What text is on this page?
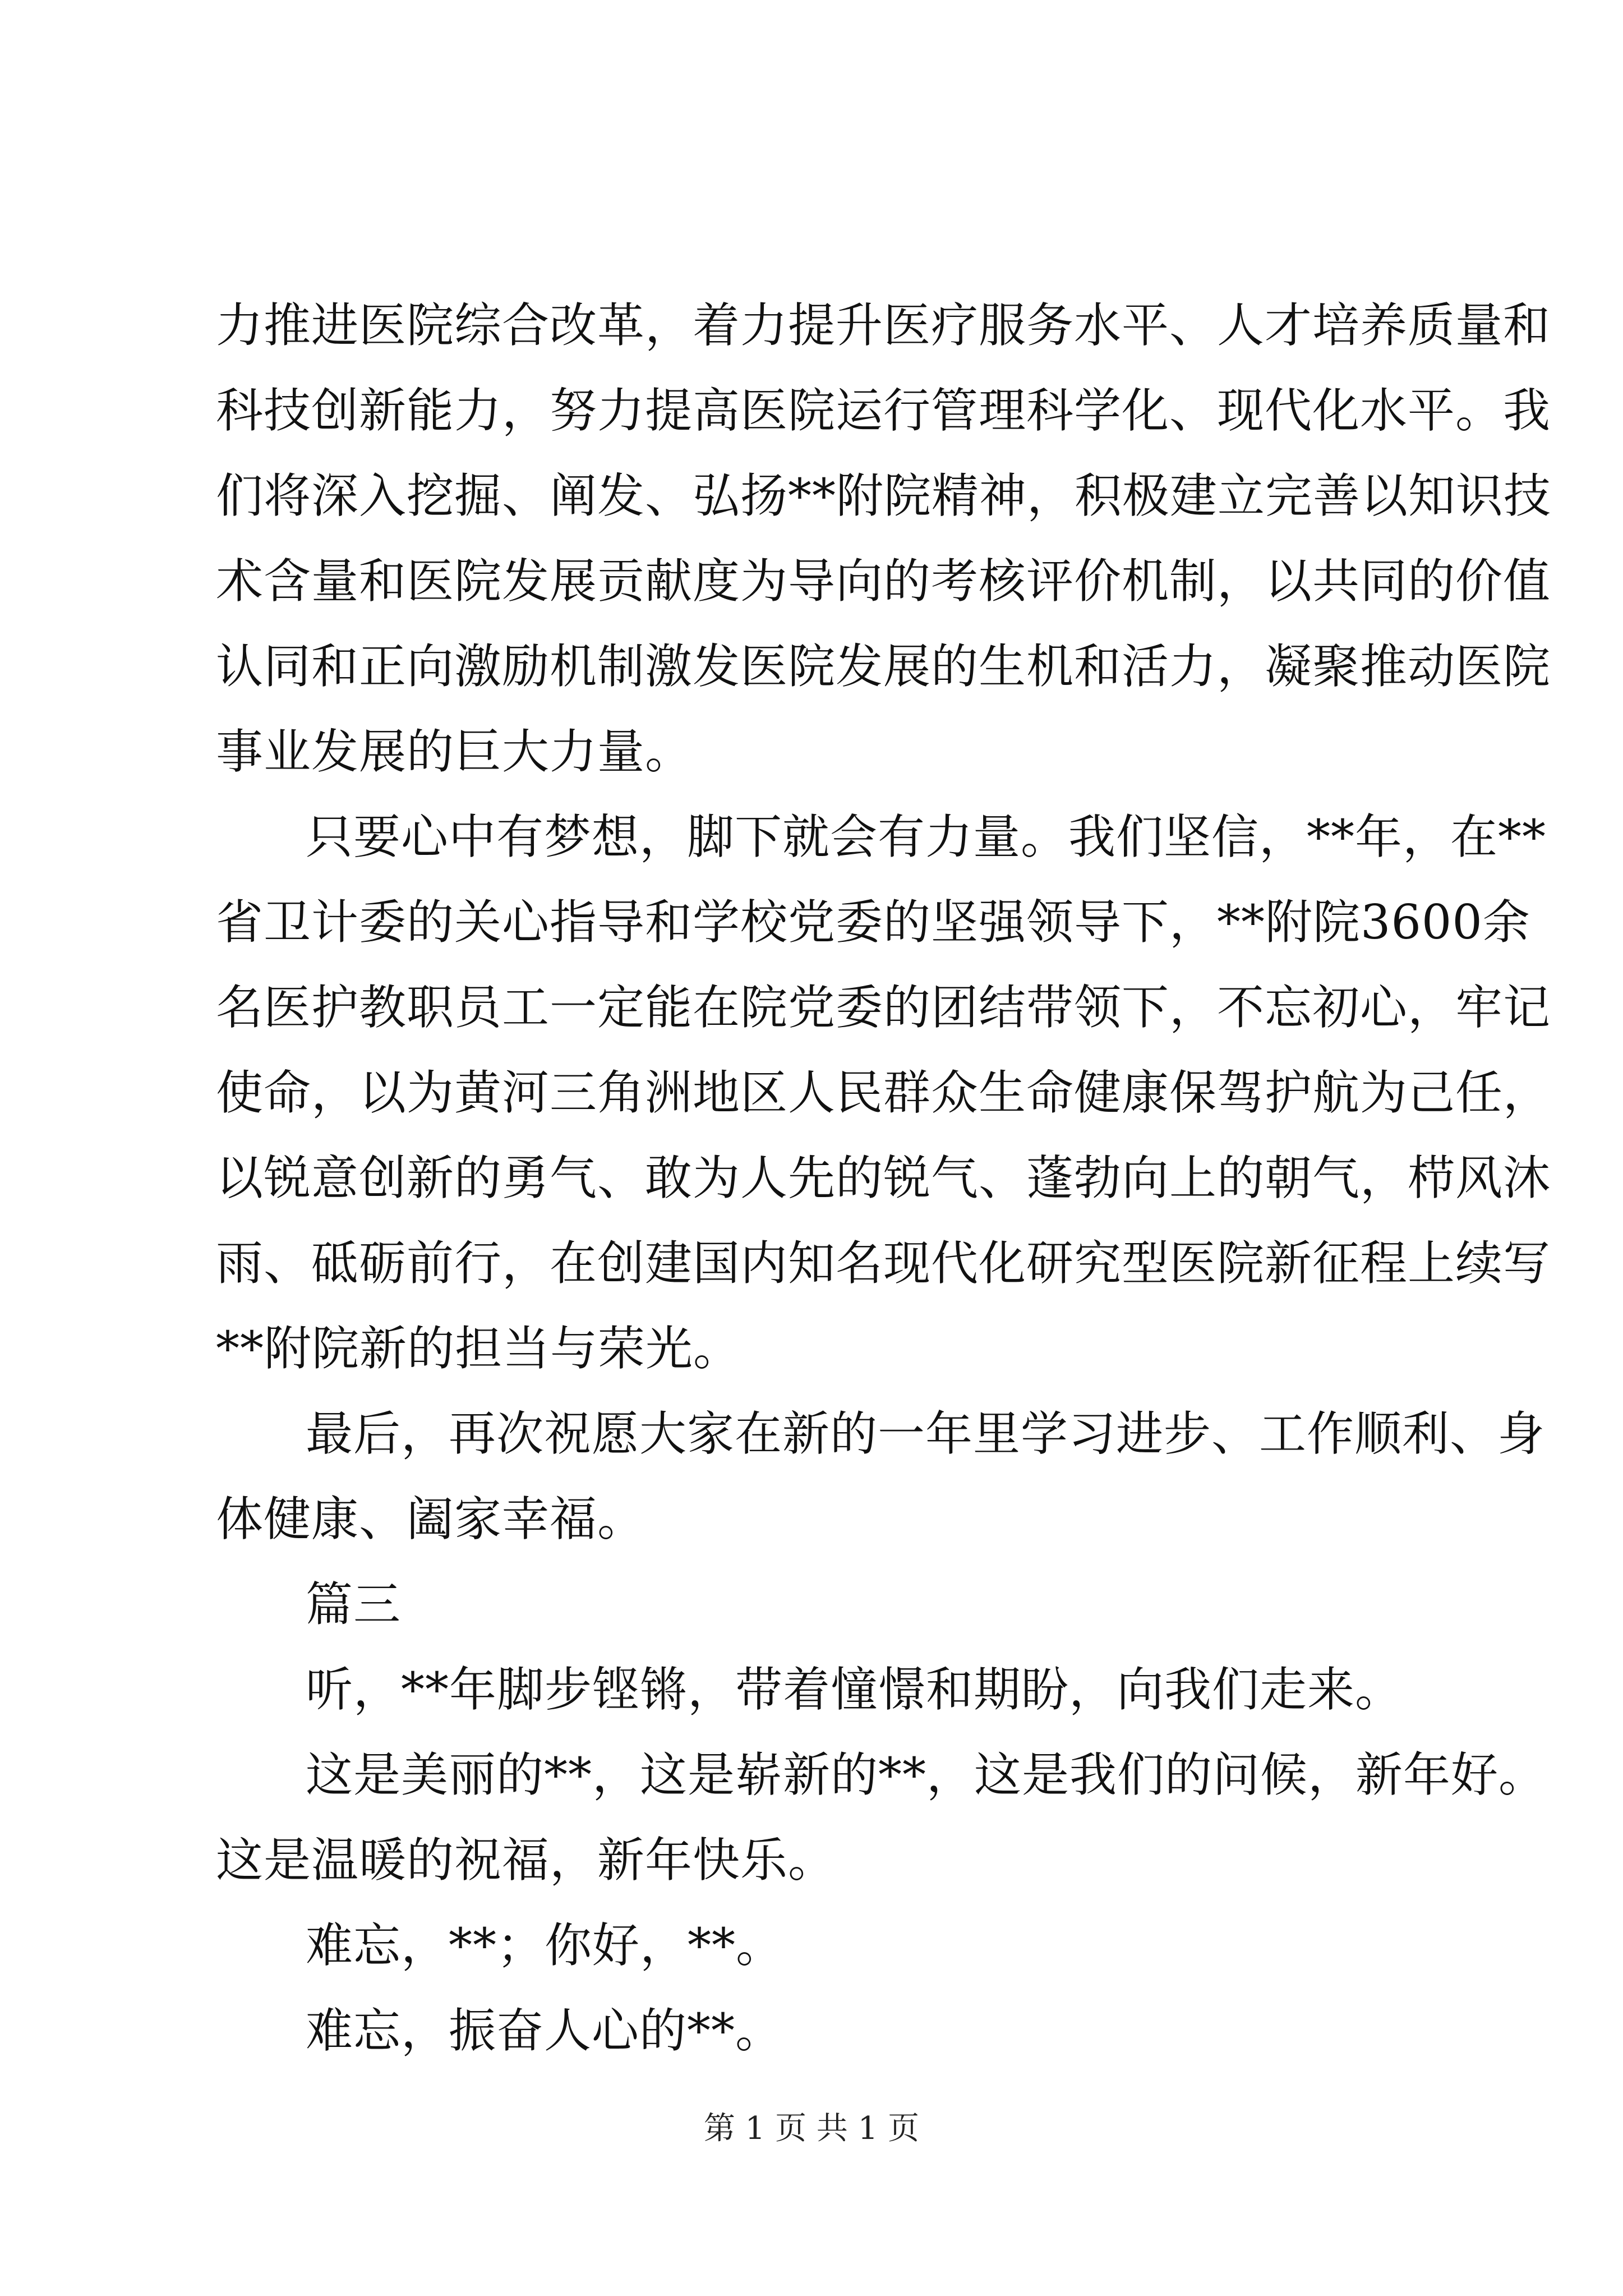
力推进医院综合改革，着力提升医疗服务水平、人才培养质量和
科技创新能力，努力提高医院运行管理科学化、现代化水平。我
们将深入挖掘、阐发、弘扬**附院精神，积极建立完善以知识技
术含量和医院发展贡献度为导向的考核评价机制，以共同的价值
认同和正向激励机制激发医院发展的生机和活力，凝聚推动医院
事业发展的巨大力量。
只要心中有梦想，脚下就会有力量。我们坚信，**年，在**
省卫计委的关心指导和学校党委的坚强领导下，**附院3600余
名医护教职员工一定能在院党委的团结带领下，不忘初心，牢记
使命，以为黄河三角洲地区人民群众生命健康保驾护航为己任，
以锐意创新的勇气、敢为人先的锐气、蓬勃向上的朝气，栉风沐
雨、砥砺前行，在创建国内知名现代化研究型医院新征程上续写
**附院新的担当与荣光。
最后，再次祝愿大家在新的一年里学习进步、工作顺利、身
体健康、阖家幸福。
篇三
听，**年脚步铿锵，带着憧憬和期盼，向我们走来。
这是美丽的**，这是崭新的**，这是我们的问候，新年好。
这是温暖的祝福，新年快乐。
难忘，**；你好，**。
难忘，振奋人心的**。
第 1 页 共 1 页
